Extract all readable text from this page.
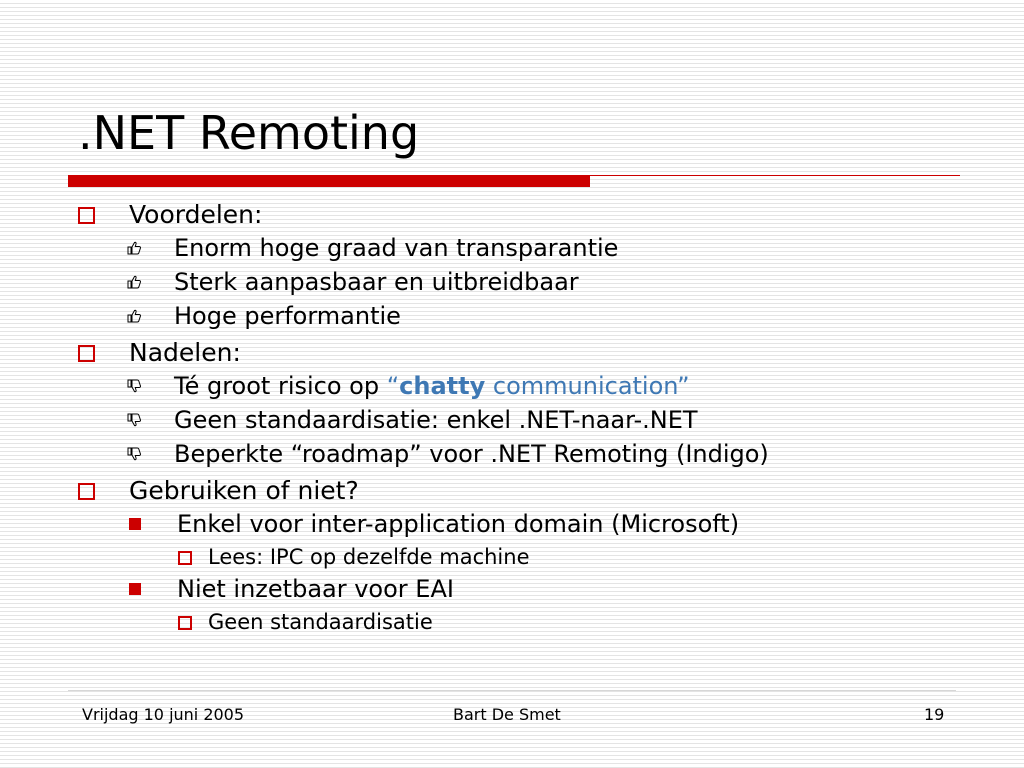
.NET Remoting
Voordelen:
Enorm hoge graad van transparantie
Sterk aanpasbaar en uitbreidbaar
Hoge performantie
Nadelen:
Té groot risico op “chatty communication”
Geen standaardisatie: enkel .NET-naar-.NET
Beperkte “roadmap” voor .NET Remoting (Indigo)
Gebruiken of niet?
Enkel voor inter-application domain (Microsoft)
Lees: IPC op dezelfde machine
Niet inzetbaar voor EAI
Geen standaardisatie
Vrijdag 10 juni 2005	Bart De Smet	19
